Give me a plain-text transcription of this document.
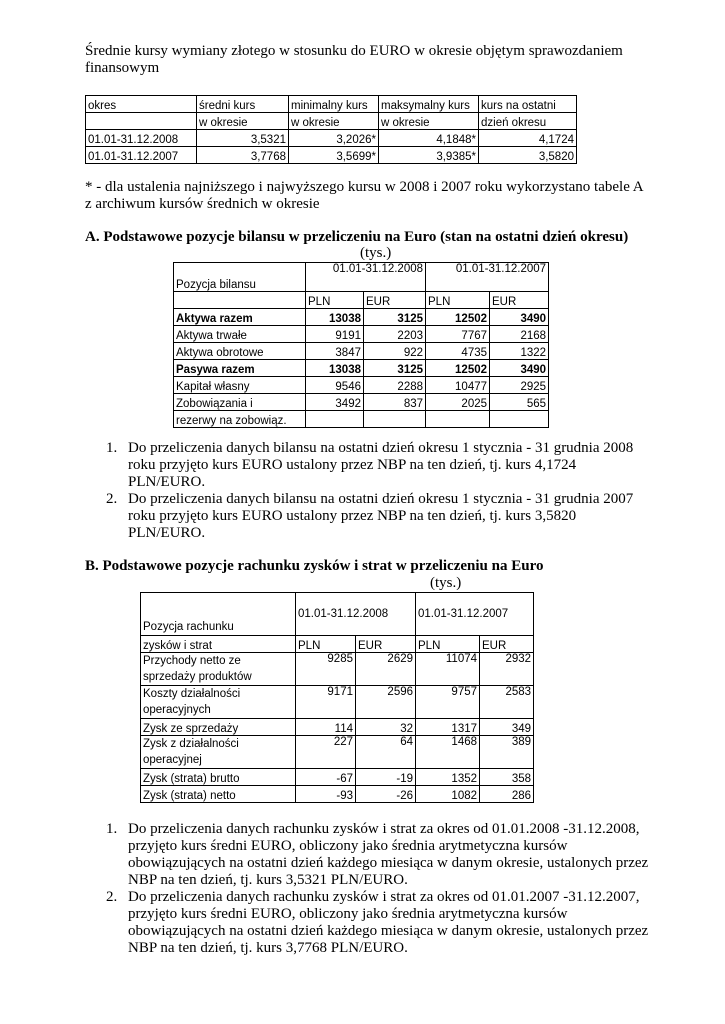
Średnie kursy wymiany złotego w stosunku do EURO w okresie objętym sprawozdaniem

finansowym

okres	średni kurs	minimalny kurs	maksymalny kurs	kurs na ostatni
	w okresie	w okresie	w okresie	dzień okresu
01.01-31.12.2008	3,5321	3,2026*	4,1848*	4,1724
01.01-31.12.2007	3,7768	3,5699*	3,9385*	3,5820

* - dla ustalenia najniższego i najwyższego kursu w 2008 i 2007 roku wykorzystano tabele A

z archiwum kursów średnich w okresie

A. Podstawowe pozycje bilansu w przeliczeniu na Euro (stan na ostatni dzień okresu)
(tys.)
Pozycja bilansu	01.01-31.12.2008		01.01-31.12.2007	
	PLN	EUR	PLN	EUR
Aktywa razem	13038	3125	12502	3490
Aktywa trwałe	9191	2203	7767	2168
Aktywa obrotowe	3847	922	4735	1322
Pasywa razem	13038	3125	12502	3490
Kapitał własny	9546	2288	10477	2925
Zobowiązania i	3492	837	2025	565
rezerwy na zobowiąz.				
1. Do przeliczenia danych bilansu na ostatni dzień okresu 1 stycznia - 31 grudnia 2008

roku przyjęto kurs EURO ustalony przez NBP na ten dzień, tj. kurs 4,1724

PLN/EURO.

2. Do przeliczenia danych bilansu na ostatni dzień okresu 1 stycznia - 31 grudnia 2007

roku przyjęto kurs EURO ustalony przez NBP na ten dzień, tj. kurs 3,5820

PLN/EURO.

B. Podstawowe pozycje rachunku zysków i strat w przeliczeniu na Euro
(tys.)
Pozycja rachunku	01.01-31.12.2008		01.01-31.12.2007	
zysków i strat	PLN	EUR	PLN	EUR

Przychody netto ze
sprzedaży produktów	9285	2629	11074	2932

Koszty działalności
operacyjnych	9171	2596	9757	2583
Zysk ze sprzedaży	114	32	1317	349

Zysk z działalności
operacyjnej	227	64	1468	389
Zysk (strata) brutto	-67	-19	1352	358
Zysk (strata) netto	-93	-26	1082	286
1. Do przeliczenia danych rachunku zysków i strat za okres od 01.01.2008 -31.12.2008,

przyjęto kurs średni EURO, obliczony jako średnia arytmetyczna kursów

obowiązujących na ostatni dzień każdego miesiąca w danym okresie, ustalonych przez

NBP na ten dzień, tj. kurs 3,5321 PLN/EURO.

2. Do przeliczenia danych rachunku zysków i strat za okres od 01.01.2007 -31.12.2007,

przyjęto kurs średni EURO, obliczony jako średnia arytmetyczna kursów

obowiązujących na ostatni dzień każdego miesiąca w danym okresie, ustalonych przez

NBP na ten dzień, tj. kurs 3,7768 PLN/EURO.
